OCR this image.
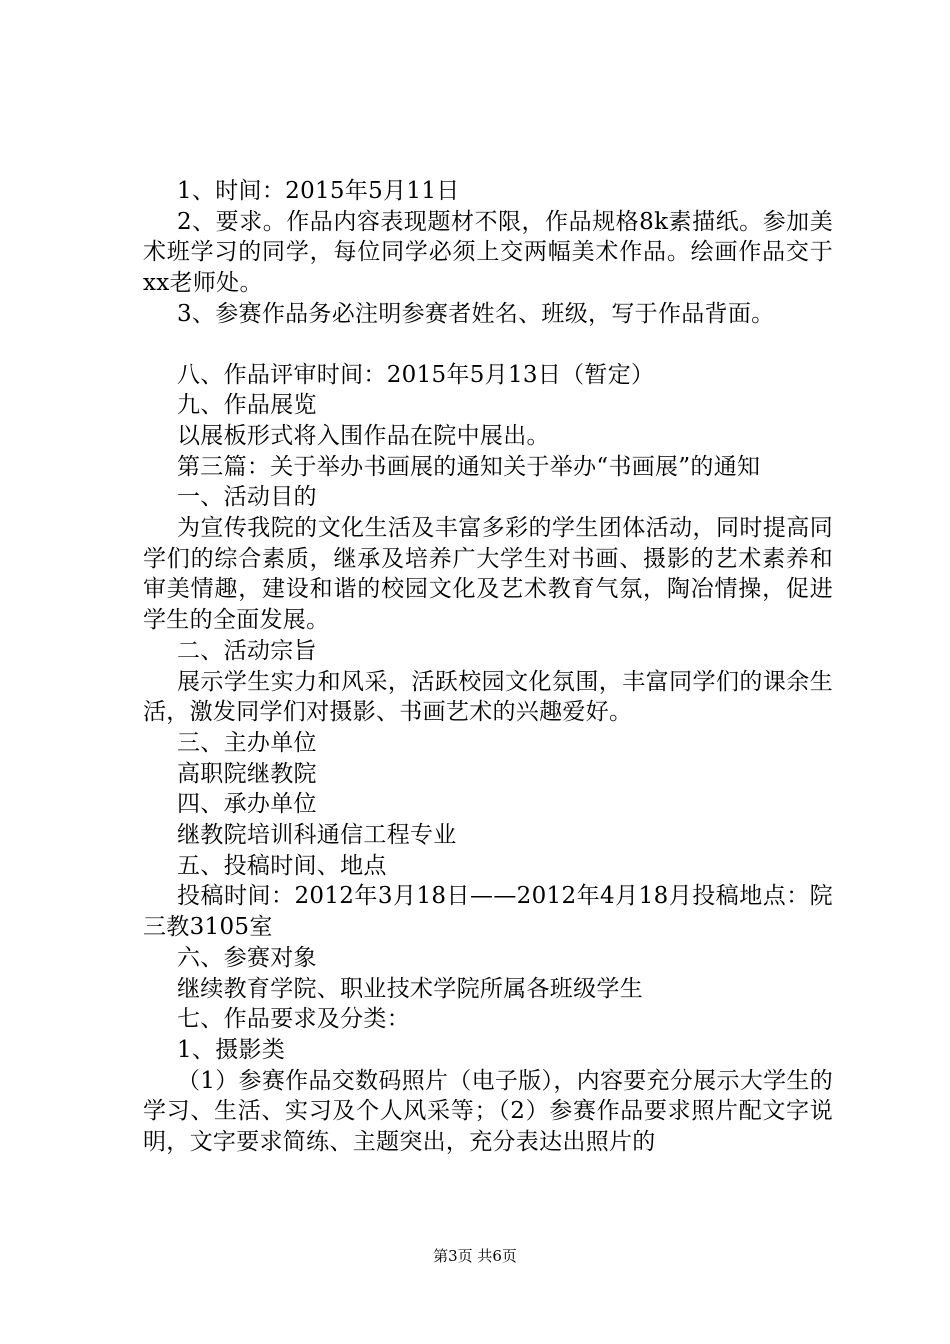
1、时间：2015年5月11日

2、要求。作品内容表现题材不限，作品规格8k素描纸。参加美术班学习的同学，每位同学必须上交两幅美术作品。绘画作品交于xx老师处。

3、参赛作品务必注明参赛者姓名、班级，写于作品背面。

八、作品评审时间：2015年5月13日（暂定）

九、作品展览

以展板形式将入围作品在院中展出。

第三篇：关于举办书画展的通知关于举办“书画展”的通知

一、活动目的

为宣传我院的文化生活及丰富多彩的学生团体活动，同时提高同学们的综合素质，继承及培养广大学生对书画、摄影的艺术素养和审美情趣，建设和谐的校园文化及艺术教育气氛，陶冶情操，促进学生的全面发展。

二、活动宗旨

展示学生实力和风采，活跃校园文化氛围，丰富同学们的课余生活，激发同学们对摄影、书画艺术的兴趣爱好。

三、主办单位

高职院继教院

四、承办单位

继教院培训科通信工程专业

五、投稿时间、地点

投稿时间：2012年3月18日——2012年4月18月投稿地点：院三教3105室

六、参赛对象

继续教育学院、职业技术学院所属各班级学生

七、作品要求及分类：

1、摄影类

（1）参赛作品交数码照片（电子版），内容要充分展示大学生的学习、生活、实习及个人风采等；（2）参赛作品要求照片配文字说明，文字要求简练、主题突出，充分表达出照片的

第3页 共6页
